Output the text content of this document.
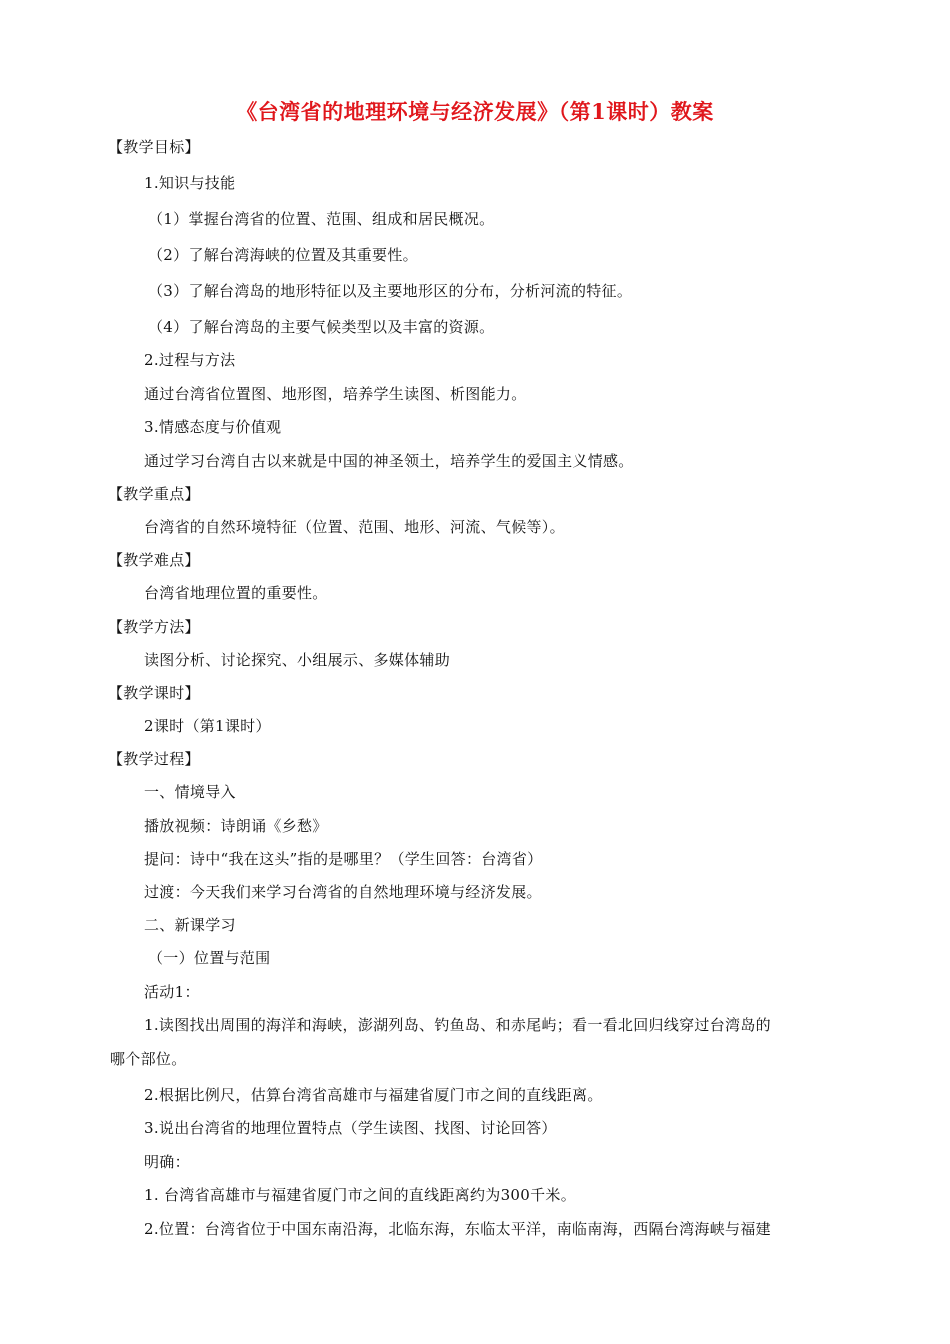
《台湾省的地理环境与经济发展》（第1课时）教案
【教学目标】
1.知识与技能
（1）掌握台湾省的位置、范围、组成和居民概况。
（2）了解台湾海峡的位置及其重要性。
（3）了解台湾岛的地形特征以及主要地形区的分布，分析河流的特征。
（4）了解台湾岛的主要气候类型以及丰富的资源。
2.过程与方法
通过台湾省位置图、地形图，培养学生读图、析图能力。
3.情感态度与价值观
通过学习台湾自古以来就是中国的神圣领土，培养学生的爱国主义情感。
【教学重点】
台湾省的自然环境特征（位置、范围、地形、河流、气候等）。
【教学难点】
台湾省地理位置的重要性。
【教学方法】
读图分析、讨论探究、小组展示、多媒体辅助
【教学课时】
2课时（第1课时）
【教学过程】
一、情境导入
播放视频：诗朗诵《乡愁》
提问：诗中“我在这头”指的是哪里？（学生回答：台湾省）
过渡：今天我们来学习台湾省的自然地理环境与经济发展。
二、新课学习
（一）位置与范围
活动1：
1.读图找出周围的海洋和海峡，澎湖列岛、钓鱼岛、和赤尾屿；看一看北回归线穿过台湾岛的
哪个部位。
2.根据比例尺，估算台湾省高雄市与福建省厦门市之间的直线距离。
3.说出台湾省的地理位置特点（学生读图、找图、讨论回答）
明确：
1. 台湾省高雄市与福建省厦门市之间的直线距离约为300千米。
2.位置：台湾省位于中国东南沿海，北临东海，东临太平洋，南临南海，西隔台湾海峡与福建
